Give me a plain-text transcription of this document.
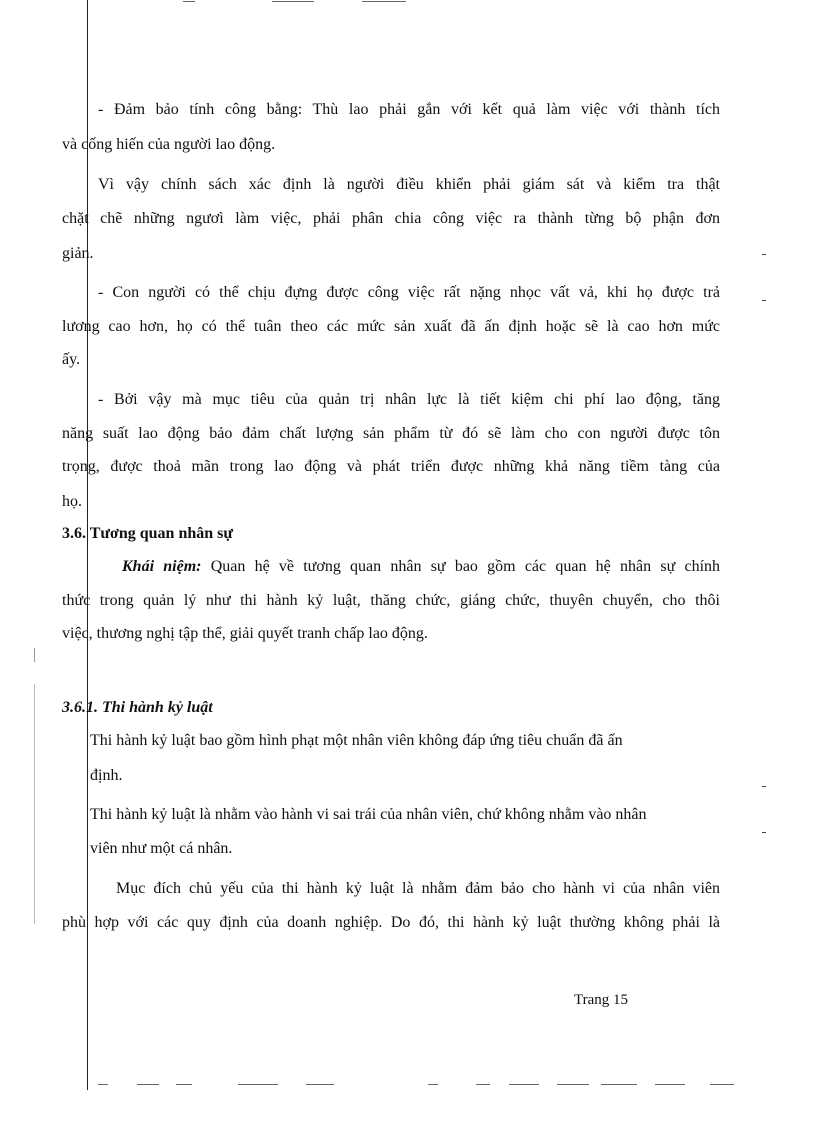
- Đảm bảo tính công bằng: Thù lao phải gắn với kết quả làm việc với thành tích
và cống hiến của người lao động.
Vì vậy chính sách xác định là người điều khiển phải giám sát và kiểm tra thật
chặt chẽ những ngươì làm việc, phải phân chia công việc ra thành từng bộ phận đơn
giản.
- Con người có thể chịu đựng được công việc rất nặng nhọc vất vả, khi họ được trả
lương cao hơn, họ có thể tuân theo các mức sản xuất đã ấn định hoặc sẽ là cao hơn mức
ấy.
- Bởi vậy mà mục tiêu của quản trị nhân lực là tiết kiệm chi phí lao động, tăng
năng suất lao động bảo đảm chất lượng sản phẩm từ đó sẽ làm cho con người được tôn
trọng, được thoả mãn trong lao động và phát triển được những khả năng tiềm tàng của
họ.
3.6. Tương quan nhân sự
Khái niệm: Quan hệ về tương quan nhân sự bao gồm các quan hệ nhân sự chính
thức trong quản lý như thi hành kỷ luật, thăng chức, giáng chức, thuyên chuyển, cho thôi
việc, thương nghị tập thể, giải quyết tranh chấp lao động.
3.6.1. Thi hành kỷ luật
Thi hành kỷ luật bao gồm hình phạt một nhân viên không đáp ứng tiêu chuẩn đã ấn
định.
Thi hành kỷ luật là nhằm vào hành vi sai trái của nhân viên, chứ không nhằm vào nhân
viên như một cá nhân.
Mục đích chủ yếu của thi hành kỷ luật là nhằm đảm bảo cho hành vi của nhân viên
phù hợp với các quy định của doanh nghiệp. Do đó, thi hành kỷ luật thường không phải là
Trang 15
